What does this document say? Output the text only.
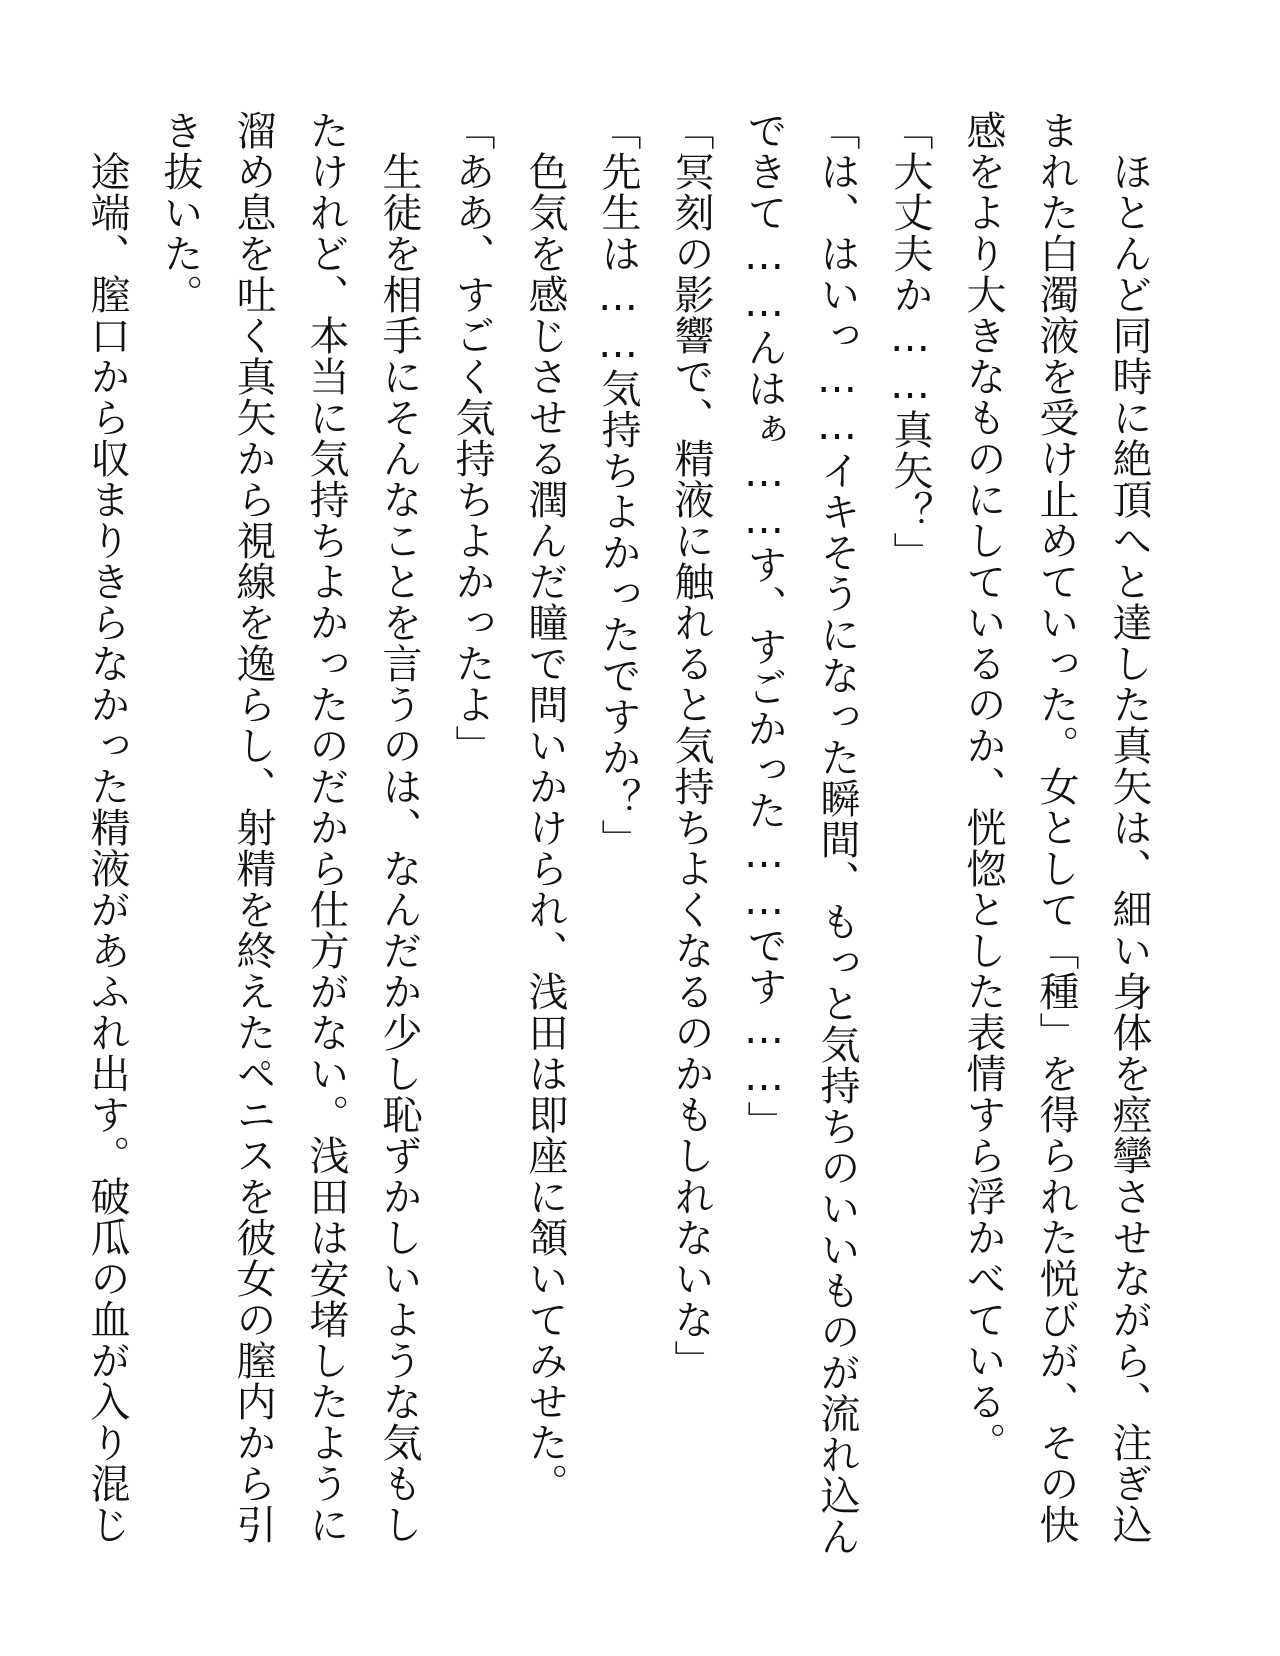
　ほとんど同時に絶頂へと達した真矢は、細い身体を痙攣させながら、注ぎ込
まれた白濁液を受け止めていった。女として「種」を得られた悦びが、その快
感をより大きなものにしているのか、恍惚とした表情すら浮かべている。
「大丈夫か……真矢？」
「は、はいっ……イキそうになった瞬間、もっと気持ちのいいものが流れ込ん
できて……んはぁ……す、すごかった……です……」
「冥刻の影響で、精液に触れると気持ちよくなるのかもしれないな」
「先生は……気持ちよかったですか？」
　色気を感じさせる潤んだ瞳で問いかけられ、浅田は即座に頷いてみせた。
「ああ、すごく気持ちよかったよ」
　生徒を相手にそんなことを言うのは、なんだか少し恥ずかしいような気もし
たけれど、本当に気持ちよかったのだから仕方がない。浅田は安堵したように
溜め息を吐く真矢から視線を逸らし、射精を終えたペニスを彼女の膣内から引
き抜いた。
　途端、膣口から収まりきらなかった精液があふれ出す。破瓜の血が入り混じ
